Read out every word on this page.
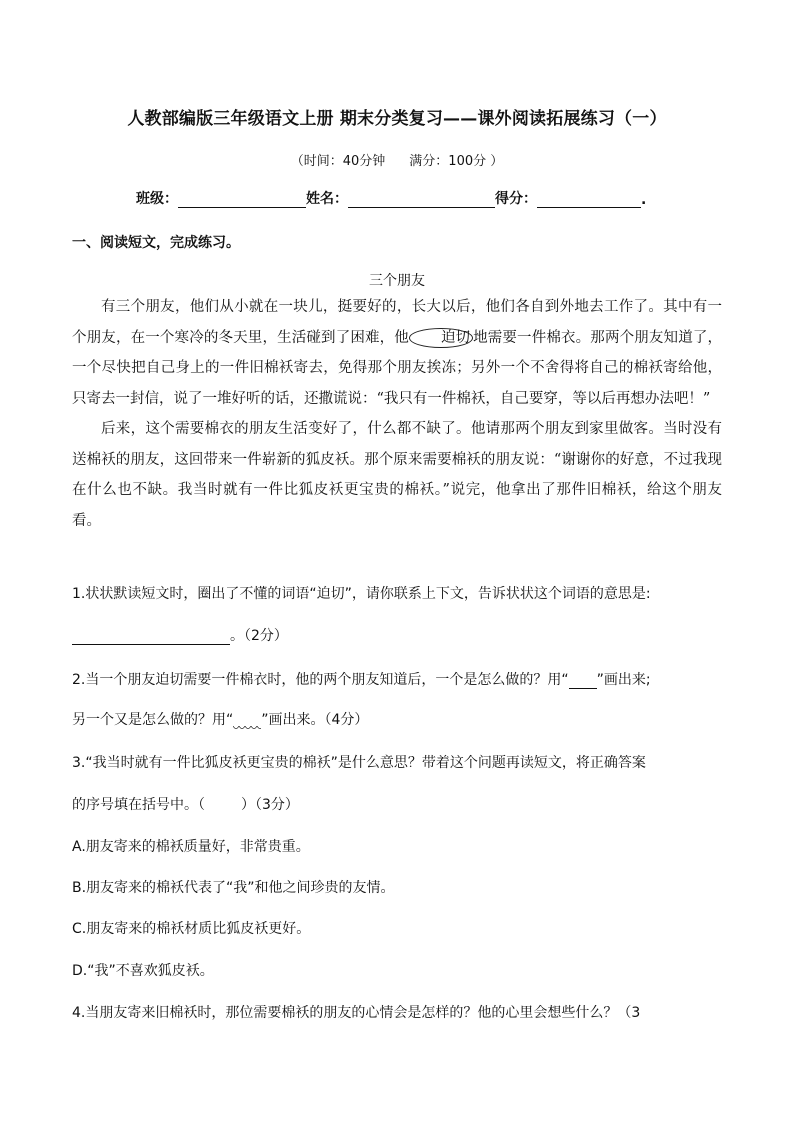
人教部编版三年级语文上册 期末分类复习——课外阅读拓展练习（一）
（时间：40分钟 满分：100分 ）
班级：	姓名：	得分：	.
一、阅读短文，完成练习。
三个朋友

有三个朋友，他们从小就在一块儿，挺要好的，长大以后，他们各自到外地去工作了。其中有一个朋友，在一个寒冷的冬天里，生活碰到了困难，他 迫切 地需要一件棉衣。那两个朋友知道了，一个尽快把自己身上的一件旧棉袄寄去，免得那个朋友挨冻；另外一个不舍得将自己的棉袄寄给他，只寄去一封信，说了一堆好听的话，还撒谎说：“我只有一件棉袄，自己要穿，等以后再想办法吧！”

后来，这个需要棉衣的朋友生活变好了，什么都不缺了。他请那两个朋友到家里做客。当时没有送棉袄的朋友，这回带来一件崭新的狐皮袄。那个原来需要棉袄的朋友说：“谢谢你的好意，不过我现在什么也不缺。我当时就有一件比狐皮袄更宝贵的棉袄。”说完，他拿出了那件旧棉袄，给这个朋友看。

1.状状默读短文时，圈出了不懂的词语“迫切”，请你联系上下文，告诉状状这个词语的意思是:
。（2分）
2.当一个朋友迫切需要一件棉衣时，他的两个朋友知道后，一个是怎么做的？用“ ”画出来;
另一个又是怎么做的？用“ ”画出来。（4分）
3.“我当时就有一件比狐皮袄更宝贵的棉袄”是什么意思？带着这个问题再读短文，将正确答案
的序号填在括号中。（	）（3分）
A.朋友寄来的棉袄质量好，非常贵重。
B.朋友寄来的棉袄代表了“我”和他之间珍贵的友情。
C.朋友寄来的棉袄材质比狐皮袄更好。
D.“我”不喜欢狐皮袄。
4.当朋友寄来旧棉袄时，那位需要棉袄的朋友的心情会是怎样的？他的心里会想些什么？（3
